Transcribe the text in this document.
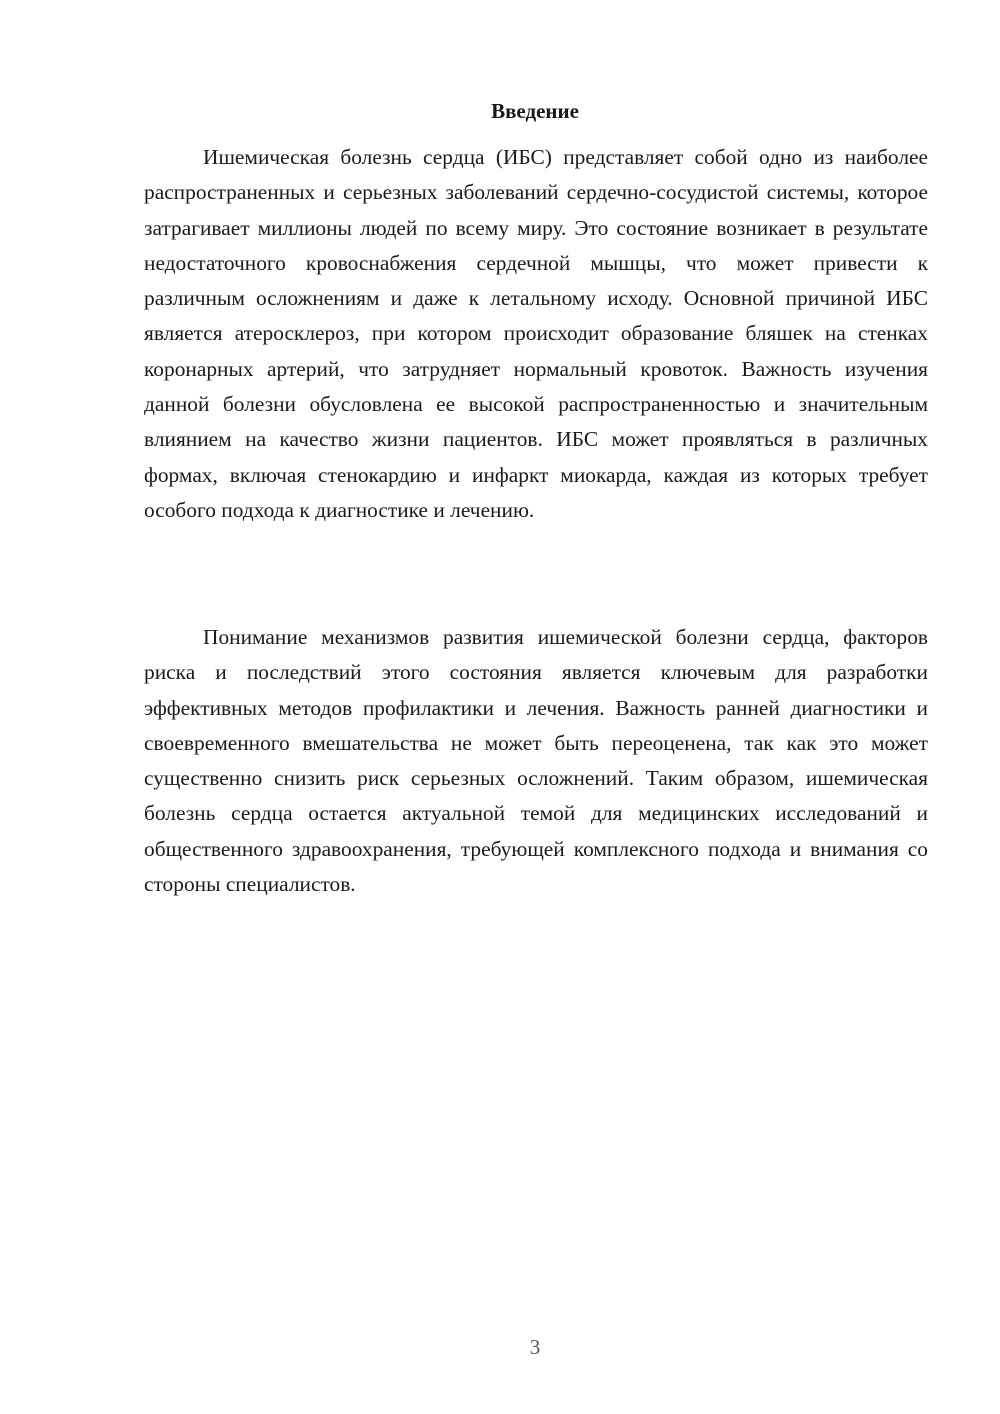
Введение

Ишемическая болезнь сердца (ИБС) представляет собой одно из наиболее распространенных и серьезных заболеваний сердечно-сосудистой системы, которое затрагивает миллионы людей по всему миру. Это состояние возникает в результате недостаточного кровоснабжения сердечной мышцы, что может привести к различным осложнениям и даже к летальному исходу. Основной причиной ИБС является атеросклероз, при котором происходит образование бляшек на стенках коронарных артерий, что затрудняет нормальный кровоток. Важность изучения данной болезни обусловлена ее высокой распространенностью и значительным влиянием на качество жизни пациентов. ИБС может проявляться в различных формах, включая стенокардию и инфаркт миокарда, каждая из которых требует особого подхода к диагностике и лечению.

Понимание механизмов развития ишемической болезни сердца, факторов риска и последствий этого состояния является ключевым для разработки эффективных методов профилактики и лечения. Важность ранней диагностики и своевременного вмешательства не может быть переоценена, так как это может существенно снизить риск серьезных осложнений. Таким образом, ишемическая болезнь сердца остается актуальной темой для медицинских исследований и общественного здравоохранения, требующей комплексного подхода и внимания со стороны специалистов.

3
